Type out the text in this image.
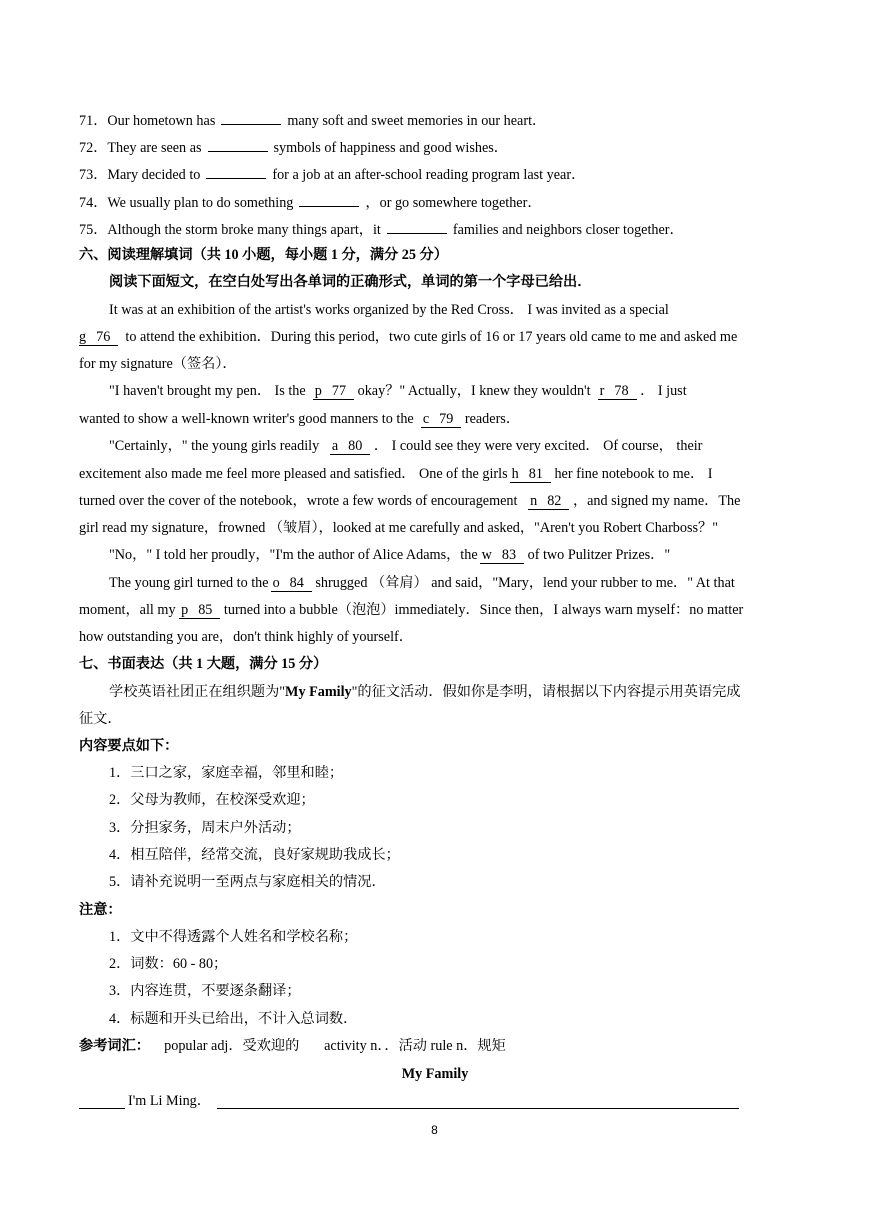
71．Our hometown has	many soft and sweet memories in our heart．
72．They are seen as	symbols of happiness and good wishes．
73．Mary decided to	for a job at an after-school reading program last year．
74．We usually plan to do something	，or go somewhere together．
75．Although the storm broke many things apart，it	families and neighbors closer together．
六、阅读理解填词（共 10 小题，每小题 1 分，满分 25 分）
阅读下面短文，在空白处写出各单词的正确形式，单词的第一个字母已给出．
It was at an exhibition of the artist's works organized by the Red Cross． I was invited as a special
g 76 to attend the exhibition．During this period，two cute girls of 16 or 17 years old came to me and asked me
for my signature（签名）．
"I haven't brought my pen． Is the p 77 okay？" Actually，I knew they wouldn't r 78 ． I just
wanted to show a well-known writer's good manners to the c 79 readers．
"Certainly，" the young girls readily a 80 ． I could see they were very excited． Of course， their
excitement also made me feel more pleased and satisfied． One of the girls h 81 her fine notebook to me． I
turned over the cover of the notebook，wrote a few words of encouragement n 82 ，and signed my name．The
girl read my signature，frowned （皱眉），looked at me carefully and asked，"Aren't you Robert Charboss？"
"No，" I told her proudly，"I'm the author of Alice Adams，the w 83 of two Pulitzer Prizes．"
The young girl turned to the o 84 shrugged （耸肩） and said，"Mary，lend your rubber to me．" At that
moment，all my p 85 turned into a bubble（泡泡）immediately．Since then，I always warn myself：no matter
how outstanding you are，don't think highly of yourself．
七、书面表达（共 1 大题，满分 15 分）
学校英语社团正在组织题为"My Family"的征文活动．假如你是李明，请根据以下内容提示用英语完成
征文．
内容要点如下：
1．三口之家，家庭幸福，邻里和睦；
2．父母为教师，在校深受欢迎；
3．分担家务，周末户外活动；
4．相互陪伴，经常交流，良好家规助我成长；
5．请补充说明一至两点与家庭相关的情况．
注意：
1．文中不得透露个人姓名和学校名称；
2．词数：60 - 80；
3．内容连贯，不要逐条翻译；
4．标题和开头已给出，不计入总词数．
参考词汇： popular adj．受欢迎的       activity n．．活动 rule n．规矩
My Family
I'm Li Ming．
8
